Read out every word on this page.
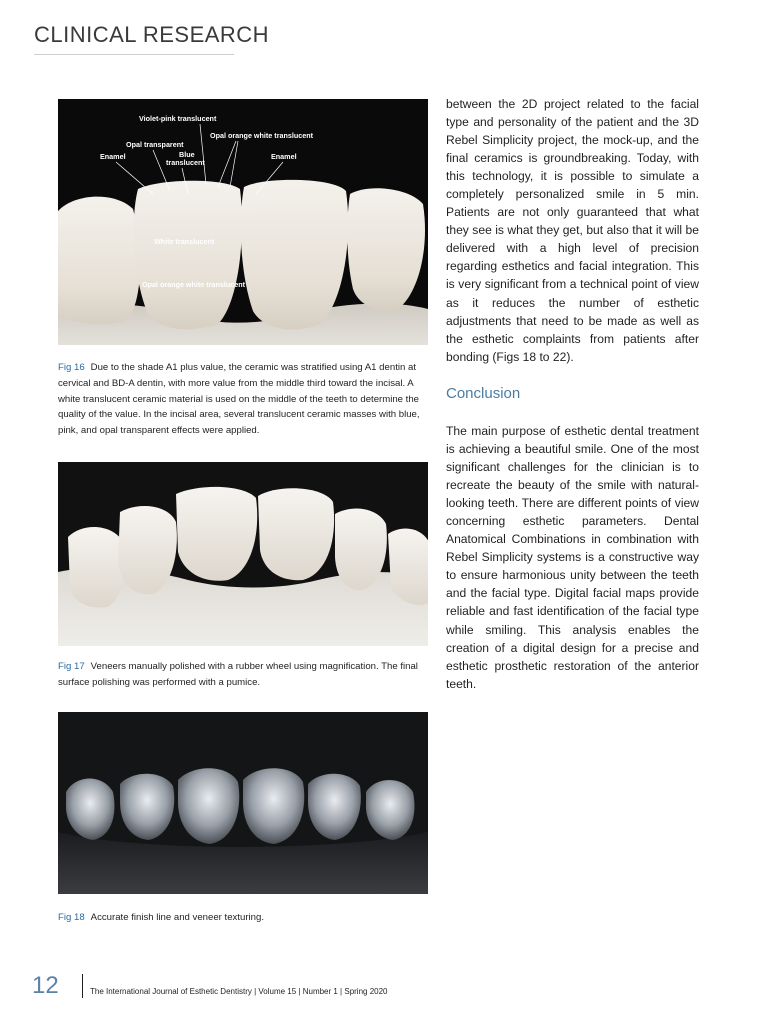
CLINICAL RESEARCH
Violet-pink translucent
Opal orange white translucent
Opal transparent
Enamel	Blue
translucent
Enamel
White translucent
Opal orange white translucent
Fig 16 Due to the shade A1 plus value, the ceramic was stratified using A1 dentin at cervical and BD-A dentin, with more value from the middle third toward the incisal. A white translucent ceramic material is used on the middle of the teeth to determine the quality of the value. In the incisal area, several translucent ceramic masses with blue, pink, and opal transparent effects were applied.
Fig 17 Veneers manually polished with a rubber wheel using magnification. The final surface polishing was performed with a pumice.
Fig 18 Accurate finish line and veneer texturing.

between the 2D project related to the facial type and personality of the patient and the 3D Rebel Simplicity project, the mock-up, and the final ceramics is groundbreaking. Today, with this technology, it is possible to simulate a completely personalized smile in 5 min. Patients are not only guaranteed that what they see is what they get, but also that it will be delivered with a high level of precision regarding esthetics and facial integration. This is very significant from a technical point of view as it reduces the number of esthetic adjustments that need to be made as well as the esthetic complaints from patients after bonding (Figs 18 to 22).

Conclusion

The main purpose of esthetic dental treatment is achieving a beautiful smile. One of the most significant challenges for the clinician is to recreate the beauty of the smile with natural-looking teeth. There are different points of view concerning esthetic parameters. Dental Anatomical Combinations in combination with Rebel Simplicity systems is a constructive way to ensure harmonious unity between the teeth and the facial type. Digital facial maps provide reliable and fast identification of the facial type while smiling. This analysis enables the creation of a digital design for a precise and esthetic prosthetic restoration of the anterior teeth.

12	The International Journal of Esthetic Dentistry | Volume 15 | Number 1 | Spring 2020
